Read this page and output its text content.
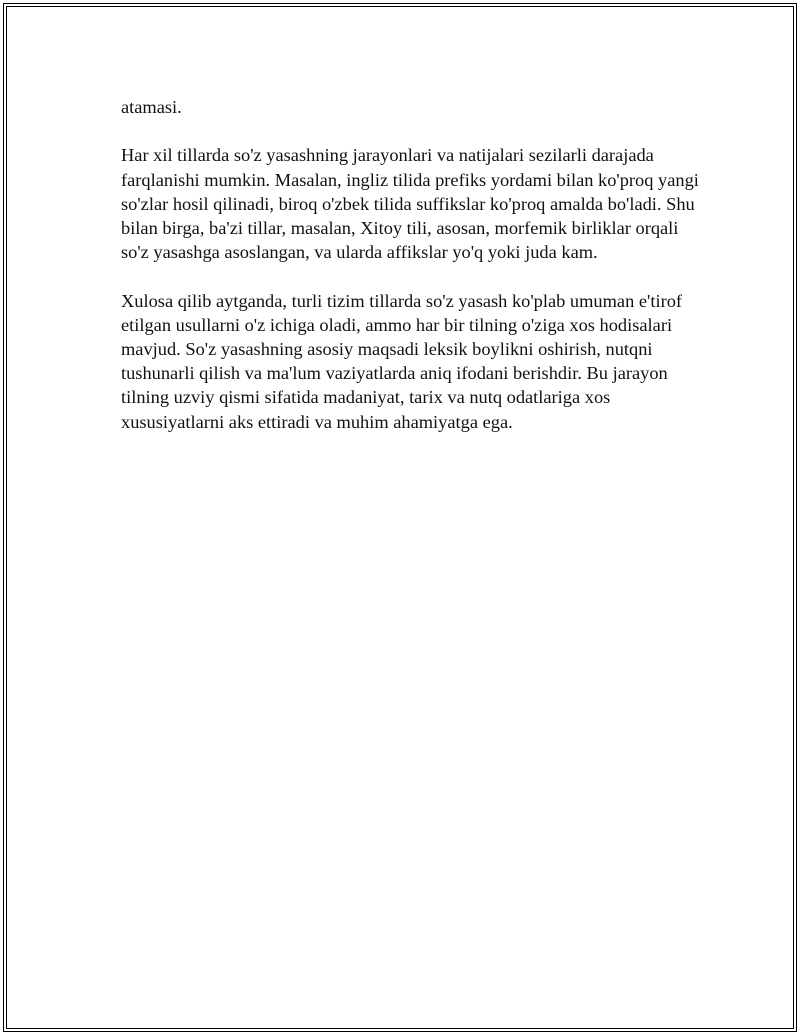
atamasi.

Har xil tillarda so'z yasashning jarayonlari va natijalari sezilarli darajada farqlanishi mumkin. Masalan, ingliz tilida prefiks yordami bilan ko'proq yangi so'zlar hosil qilinadi, biroq o'zbek tilida suffikslar ko'proq amalda bo'ladi. Shu bilan birga, ba'zi tillar, masalan, Xitoy tili, asosan, morfemik birliklar orqali so'z yasashga asoslangan, va ularda affikslar yo'q yoki juda kam.

Xulosa qilib aytganda, turli tizim tillarda so'z yasash ko'plab umuman e'tirof etilgan usullarni o'z ichiga oladi, ammo har bir tilning o'ziga xos hodisalari mavjud. So'z yasashning asosiy maqsadi leksik boylikni oshirish, nutqni tushunarli qilish va ma'lum vaziyatlarda aniq ifodani berishdir. Bu jarayon tilning uzviy qismi sifatida madaniyat, tarix va nutq odatlariga xos xususiyatlarni aks ettiradi va muhim ahamiyatga ega.
